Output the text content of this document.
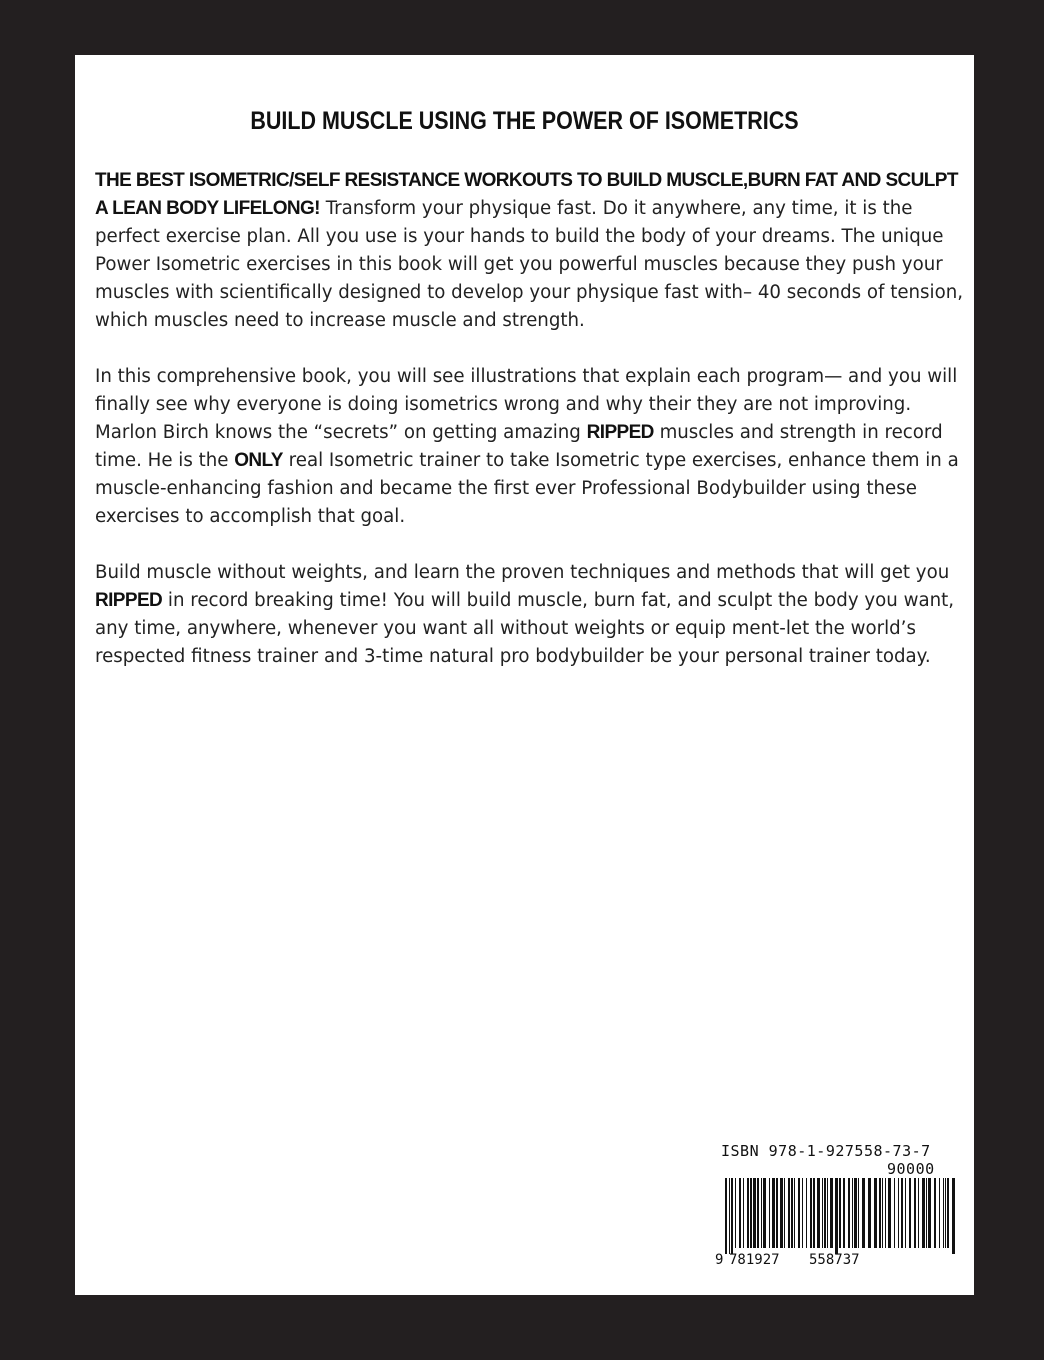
BUILD MUSCLE USING THE POWER OF ISOMETRICS

THE BEST ISOMETRIC/SELF RESISTANCE WORKOUTS TO BUILD MUSCLE,BURN FAT AND SCULPT A LEAN BODY LIFELONG! Transform your physique fast. Do it anywhere, any time, it is the perfect exercise plan. All you use is your hands to build the body of your dreams. The unique Power Isometric exercises in this book will get you powerful muscles because they push your muscles with scientifically designed to develop your physique fast with– 40 seconds of tension, which muscles need to increase muscle and strength.

In this comprehensive book, you will see illustrations that explain each program— and you will finally see why everyone is doing isometrics wrong and why their they are not improving. Marlon Birch knows the “secrets” on getting amazing RIPPED muscles and strength in record time. He is the ONLY real Isometric trainer to take Isometric type exercises, enhance them in a muscle-enhancing fashion and became the first ever Professional Bodybuilder using these exercises to accomplish that goal.

Build muscle without weights, and learn the proven techniques and methods that will get you RIPPED in record breaking time! You will build muscle, burn fat, and sculpt the body you want, any time, anywhere, whenever you want all without weights or equip ment-let the world’s respected fitness trainer and 3-time natural pro bodybuilder be your personal trainer today.

ISBN 978-1-927558-73-7
90000
9 781927 558737
